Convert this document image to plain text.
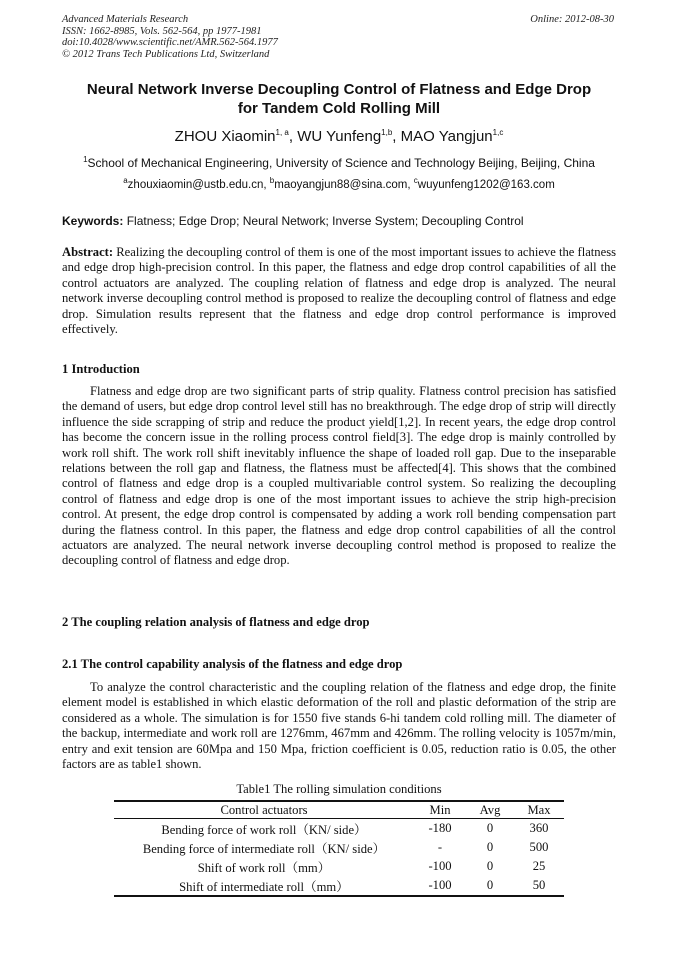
Advanced Materials Research
ISSN: 1662-8985, Vols. 562-564, pp 1977-1981
doi:10.4028/www.scientific.net/AMR.562-564.1977
© 2012 Trans Tech Publications Ltd, Switzerland
Online: 2012-08-30
Neural Network Inverse Decoupling Control of Flatness and Edge Drop
for Tandem Cold Rolling Mill
ZHOU Xiaomin$^{1, a}$, WU Yunfeng$^{1,b}$, MAO Yangjun$^{1,c}$
$^1$School of Mechanical Engineering, University of Science and Technology Beijing, Beijing, China
$^a$zhouxiaomin@ustb.edu.cn, $^b$maoyangjun88@sina.com, $^c$wuyunfeng1202@163.com
Keywords: Flatness; Edge Drop; Neural Network; Inverse System; Decoupling Control
Abstract: Realizing the decoupling control of them is one of the most important issues to achieve the flatness and edge drop high-precision control. In this paper, the flatness and edge drop control capabilities of all the control actuators are analyzed. The coupling relation of flatness and edge drop is analyzed. The neural network inverse decoupling control method is proposed to realize the decoupling control of flatness and edge drop. Simulation results represent that the flatness and edge drop control performance is improved effectively.
1 Introduction
Flatness and edge drop are two significant parts of strip quality. Flatness control precision has satisfied the demand of users, but edge drop control level still has no breakthrough. The edge drop of strip will directly influence the side scrapping of strip and reduce the product yield[1,2]. In recent years, the edge drop control has become the concern issue in the rolling process control field[3]. The edge drop is mainly controlled by work roll shift. The work roll shift inevitably influence the shape of loaded roll gap. Due to the inseparable relations between the roll gap and flatness, the flatness must be affected[4]. This shows that the combined control of flatness and edge drop is a coupled multivariable control system. So realizing the decoupling control of flatness and edge drop is one of the most important issues to achieve the strip high-precision control. At present, the edge drop control is compensated by adding a work roll bending compensation part during the flatness control. In this paper, the flatness and edge drop control capabilities of all the control actuators are analyzed. The neural network inverse decoupling control method is proposed to realize the decoupling control of flatness and edge drop.
2 The coupling relation analysis of flatness and edge drop
2.1 The control capability analysis of the flatness and edge drop
To analyze the control characteristic and the coupling relation of the flatness and edge drop, the finite element model is established in which elastic deformation of the roll and plastic deformation of the strip are considered as a whole. The simulation is for 1550 five stands 6-hi tandem cold rolling mill. The diameter of the backup, intermediate and work roll are 1276mm, 467mm and 426mm. The rolling velocity is 1057m/min, entry and exit tension are 60Mpa and 150 Mpa, friction coefficient is 0.05, reduction ratio is 0.05, the other factors are as table1 shown.
Table1 The rolling simulation conditions
Control actuators	Min	Avg	Max
Bending force of work roll（KN/ side）	-180	0	360
Bending force of intermediate roll（KN/ side）	-	0	500
Shift of work roll（mm）	-100	0	25
Shift of intermediate roll（mm）	-100	0	50
